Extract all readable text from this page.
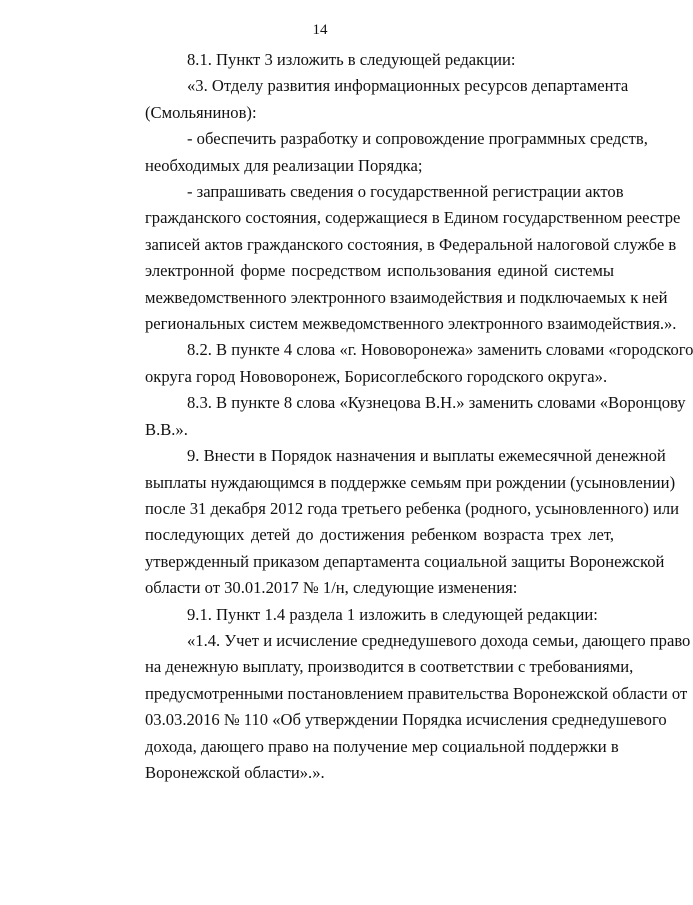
14
8.1. Пункт 3 изложить в следующей редакции:
«3. Отделу развития информационных ресурсов департамента
(Смольянинов):
- обеспечить разработку и сопровождение программных средств,
необходимых для реализации Порядка;
- запрашивать сведения о государственной регистрации актов
гражданского состояния, содержащиеся в Едином государственном реестре
записей актов гражданского состояния, в Федеральной налоговой службе в
электронной форме посредством использования единой системы
межведомственного электронного взаимодействия и подключаемых к ней
региональных систем межведомственного электронного взаимодействия.».
8.2. В пункте 4 слова «г. Нововоронежа» заменить словами «городского
округа город Нововоронеж, Борисоглебского городского округа».
8.3. В пункте 8 слова «Кузнецова В.Н.» заменить словами «Воронцову
В.В.».
9. Внести в Порядок назначения и выплаты ежемесячной денежной
выплаты нуждающимся в поддержке семьям при рождении (усыновлении)
после 31 декабря 2012 года третьего ребенка (родного, усыновленного) или
последующих детей до достижения ребенком возраста трех лет,
утвержденный приказом департамента социальной защиты Воронежской
области от 30.01.2017 № 1/н, следующие изменения:
9.1. Пункт 1.4 раздела 1 изложить в следующей редакции:
«1.4. Учет и исчисление среднедушевого дохода семьи, дающего право
на денежную выплату, производится в соответствии с требованиями,
предусмотренными постановлением правительства Воронежской области от
03.03.2016 № 110 «Об утверждении Порядка исчисления среднедушевого
дохода, дающего право на получение мер социальной поддержки в
Воронежской области».».
